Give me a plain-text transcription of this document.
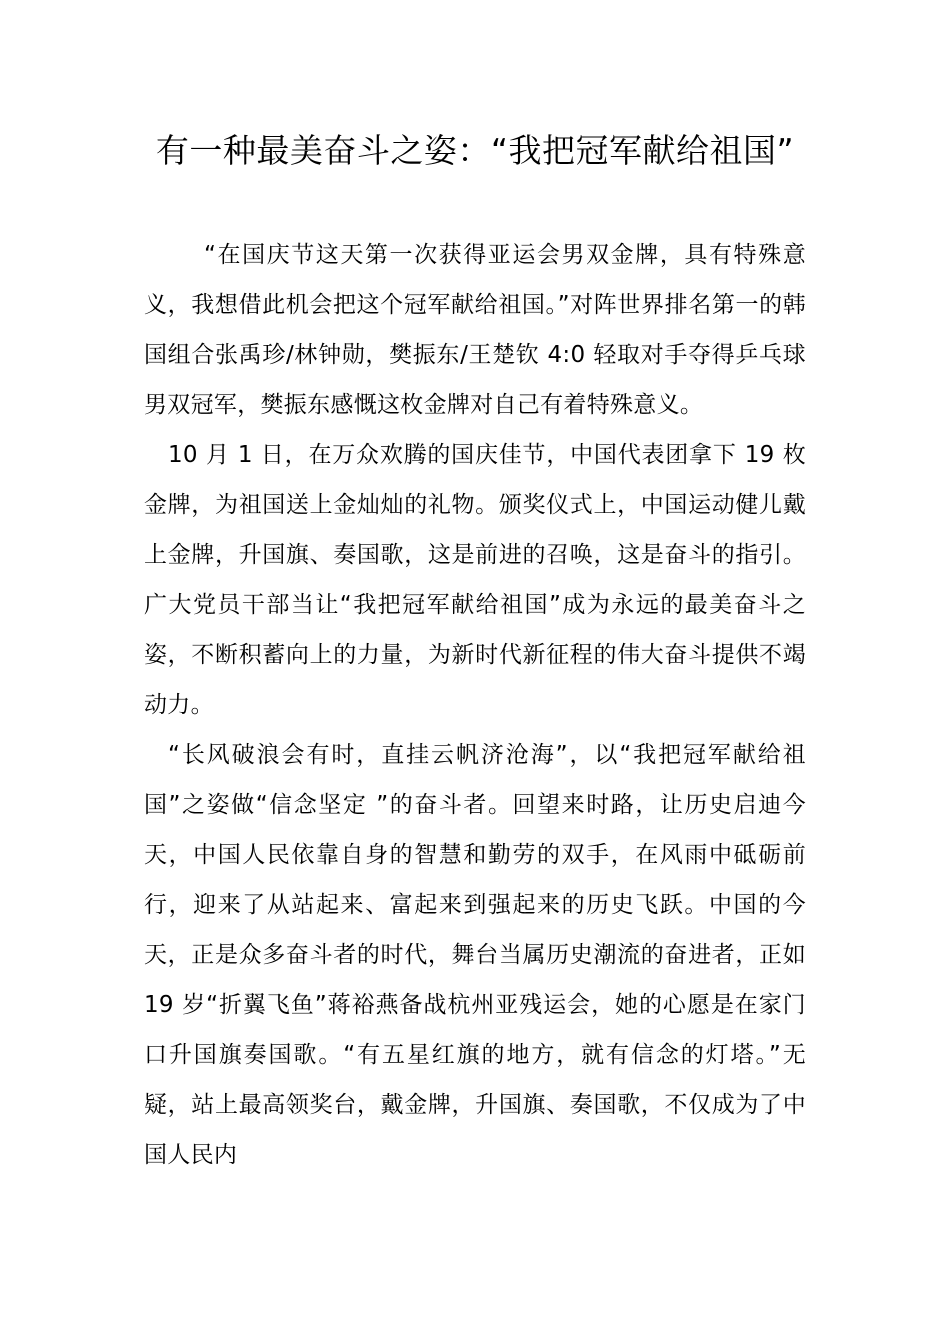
有一种最美奋斗之姿：“我把冠军献给祖国”

“在国庆节这天第一次获得亚运会男双金牌，具有特殊意义，我想借此机会把这个冠军献给祖国。”对阵世界排名第一的韩国组合张禹珍/林钟勋，樊振东/王楚钦 4:0 轻取对手夺得乒乓球男双冠军，樊振东感慨这枚金牌对自己有着特殊意义。

10 月 1 日，在万众欢腾的国庆佳节，中国代表团拿下 19 枚金牌，为祖国送上金灿灿的礼物。颁奖仪式上，中国运动健儿戴上金牌，升国旗、奏国歌，这是前进的召唤，这是奋斗的指引。广大党员干部当让“我把冠军献给祖国”成为永远的最美奋斗之姿，不断积蓄向上的力量，为新时代新征程的伟大奋斗提供不竭动力。

“长风破浪会有时，直挂云帆济沧海”，以“我把冠军献给祖国”之姿做“信念坚定 ”的奋斗者。回望来时路，让历史启迪今天，中国人民依靠自身的智慧和勤劳的双手，在风雨中砥砺前行，迎来了从站起来、富起来到强起来的历史飞跃。中国的今天，正是众多奋斗者的时代，舞台当属历史潮流的奋进者，正如 19 岁“折翼飞鱼”蒋裕燕备战杭州亚残运会，她的心愿是在家门口升国旗奏国歌。“有五星红旗的地方，就有信念的灯塔。”无疑，站上最高领奖台，戴金牌，升国旗、奏国歌，不仅成为了中国人民内
